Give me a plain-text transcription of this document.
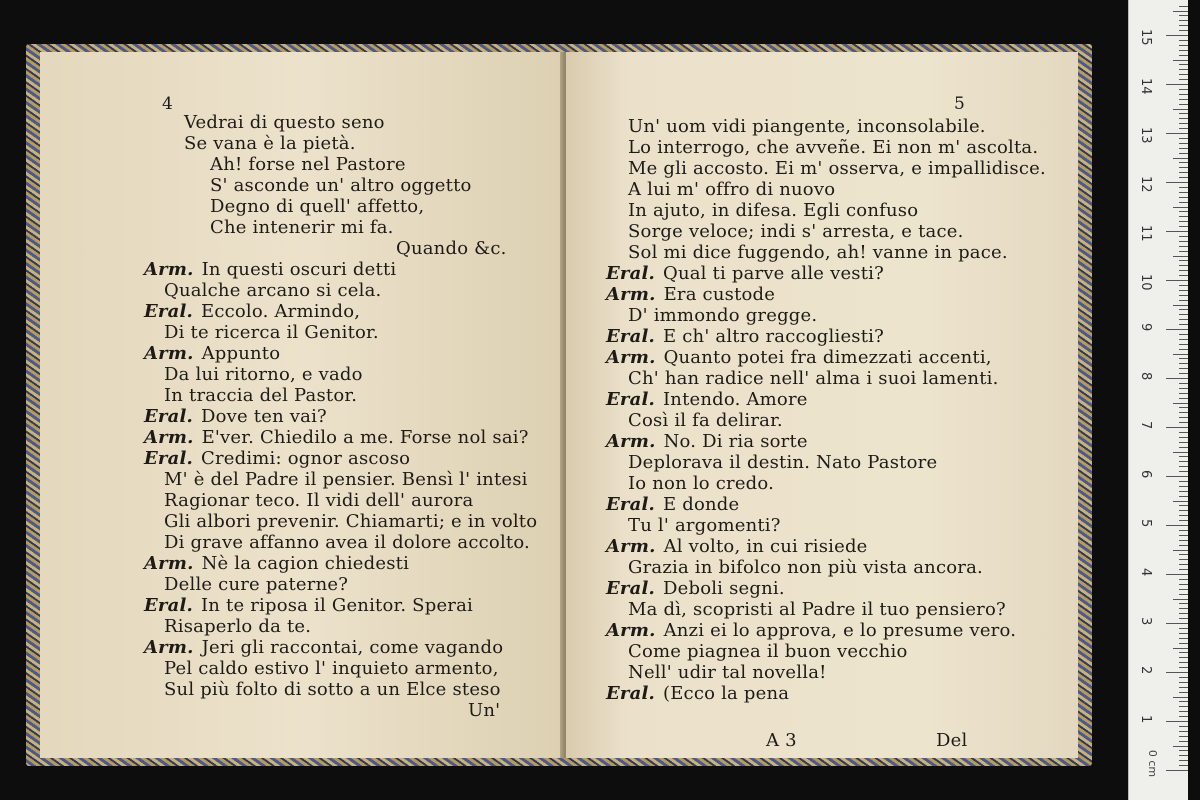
4
Vedrai di questo seno
Se vana è la pietà.
Ah! forse nel Pastore
S' asconde un' altro oggetto
Degno di quell' affetto,
Che intenerir mi fa.
Quando &c.
Arm. In questi oscuri detti
Qualche arcano si cela.
Eral. Eccolo. Armindo,
Di te ricerca il Genitor.
Arm. Appunto
Da lui ritorno, e vado
In traccia del Pastor.
Eral. Dove ten vai?
Arm. E'ver. Chiedilo a me. Forse nol sai?
Eral. Credimi: ognor ascoso
M' è del Padre il pensier. Bensì l' intesi
Ragionar teco. Il vidi dell' aurora
Gli albori prevenir. Chiamarti; e in volto
Di grave affanno avea il dolore accolto.
Arm. Nè la cagion chiedesti
Delle cure paterne?
Eral. In te riposa il Genitor. Sperai
Risaperlo da te.
Arm. Jeri gli raccontai, come vagando
Pel caldo estivo l' inquieto armento,
Sul più folto di sotto a un Elce steso
Un'
5
Un' uom vidi piangente, inconsolabile.
Lo interrogo, che avveñe. Ei non m' ascolta.
Me gli accosto. Ei m' osserva, e impallidisce.
A lui m' offro di nuovo
In ajuto, in difesa. Egli confuso
Sorge veloce; indi s' arresta, e tace.
Sol mi dice fuggendo, ah! vanne in pace.
Eral. Qual ti parve alle vesti?
Arm. Era custode
D' immondo gregge.
Eral. E ch' altro raccogliesti?
Arm. Quanto potei fra dimezzati accenti,
Ch' han radice nell' alma i suoi lamenti.
Eral. Intendo. Amore
Così il fa delirar.
Arm. No. Di ria sorte
Deplorava il destin. Nato Pastore
Io non lo credo.
Eral. E donde
Tu l' argomenti?
Arm. Al volto, in cui risiede
Grazia in bifolco non più vista ancora.
Eral. Deboli segni.
Ma dì, scopristi al Padre il tuo pensiero?
Arm. Anzi ei lo approva, e lo presume vero.
Come piagnea il buon vecchio
Nell' udir tal novella!
Eral. (Ecco la pena
A 3	Del
0 cm
1
2
3
4
5
6
7
8
9
10
11
12
13
14
15
